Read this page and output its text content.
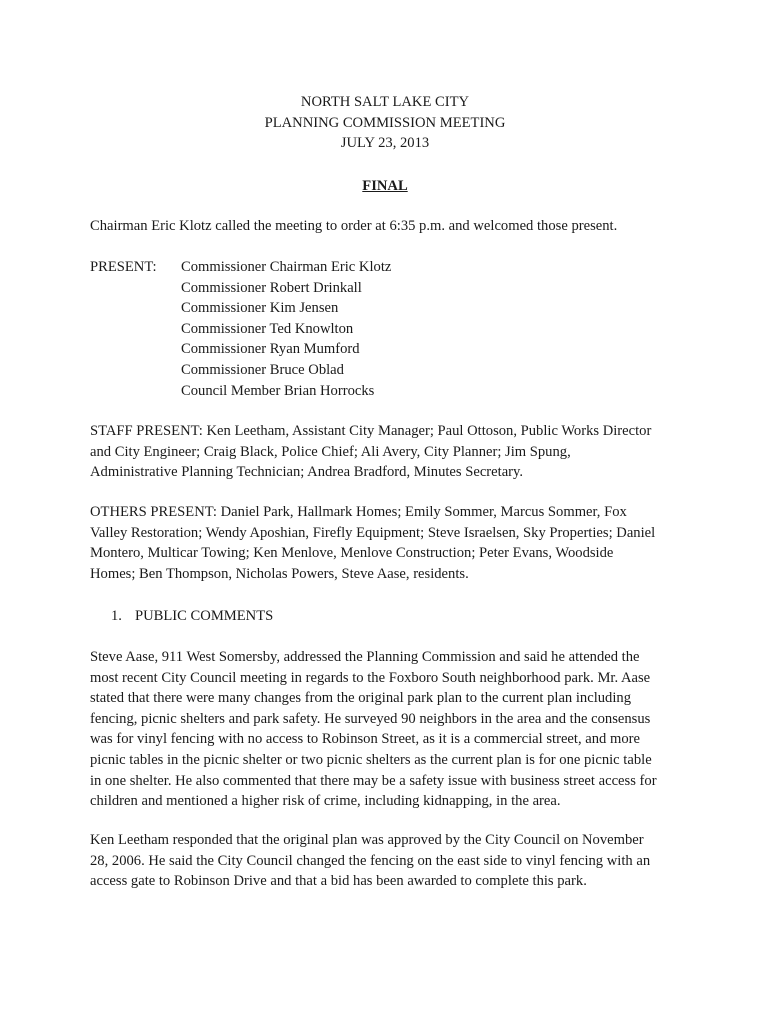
NORTH SALT LAKE CITY
PLANNING COMMISSION MEETING
JULY 23, 2013
FINAL
Chairman Eric Klotz called the meeting to order at 6:35 p.m. and welcomed those present.
PRESENT: Commissioner Chairman Eric Klotz
Commissioner Robert Drinkall
Commissioner Kim Jensen
Commissioner Ted Knowlton
Commissioner Ryan Mumford
Commissioner Bruce Oblad
Council Member Brian Horrocks
STAFF PRESENT: Ken Leetham, Assistant City Manager; Paul Ottoson, Public Works Director
and City Engineer; Craig Black, Police Chief; Ali Avery, City Planner; Jim Spung,
Administrative Planning Technician; Andrea Bradford, Minutes Secretary.
OTHERS PRESENT: Daniel Park, Hallmark Homes; Emily Sommer, Marcus Sommer, Fox
Valley Restoration; Wendy Aposhian, Firefly Equipment; Steve Israelsen, Sky Properties; Daniel
Montero, Multicar Towing; Ken Menlove, Menlove Construction; Peter Evans, Woodside
Homes; Ben Thompson, Nicholas Powers, Steve Aase, residents.
1. PUBLIC COMMENTS
Steve Aase, 911 West Somersby, addressed the Planning Commission and said he attended the
most recent City Council meeting in regards to the Foxboro South neighborhood park. Mr. Aase
stated that there were many changes from the original park plan to the current plan including
fencing, picnic shelters and park safety. He surveyed 90 neighbors in the area and the consensus
was for vinyl fencing with no access to Robinson Street, as it is a commercial street, and more
picnic tables in the picnic shelter or two picnic shelters as the current plan is for one picnic table
in one shelter. He also commented that there may be a safety issue with business street access for
children and mentioned a higher risk of crime, including kidnapping, in the area.
Ken Leetham responded that the original plan was approved by the City Council on November
28, 2006. He said the City Council changed the fencing on the east side to vinyl fencing with an
access gate to Robinson Drive and that a bid has been awarded to complete this park.
